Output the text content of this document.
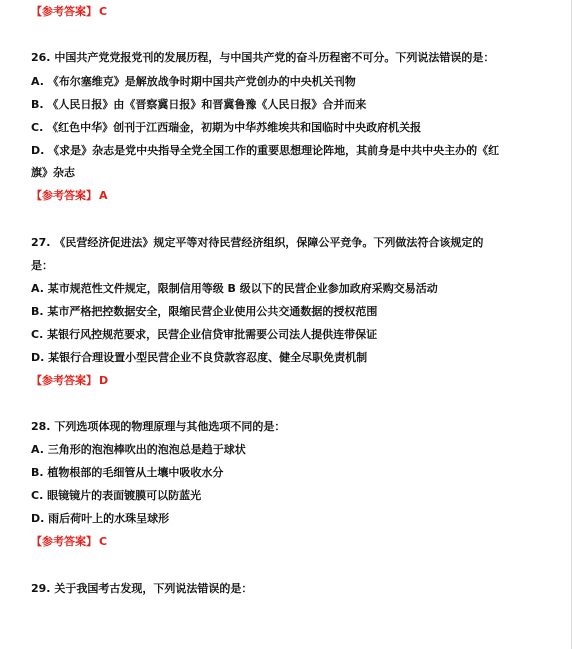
【参考答案】 C
26. 中国共产党党报党刊的发展历程，与中国共产党的奋斗历程密不可分。下列说法错误的是：
A. 《布尔塞维克》是解放战争时期中国共产党创办的中央机关刊物
B. 《人民日报》由《晋察冀日报》和晋冀鲁豫《人民日报》合并而来
C. 《红色中华》创刊于江西瑞金，初期为中华苏维埃共和国临时中央政府机关报
D. 《求是》杂志是党中央指导全党全国工作的重要思想理论阵地，其前身是中共中央主办的《红
旗》杂志
【参考答案】 A
27. 《民营经济促进法》规定平等对待民营经济组织，保障公平竞争。下列做法符合该规定的
是：
A. 某市规范性文件规定，限制信用等级 B 级以下的民营企业参加政府采购交易活动
B. 某市严格把控数据安全，限缩民营企业使用公共交通数据的授权范围
C. 某银行风控规范要求，民营企业信贷审批需要公司法人提供连带保证
D. 某银行合理设置小型民营企业不良贷款容忍度、健全尽职免责机制
【参考答案】 D
28. 下列选项体现的物理原理与其他选项不同的是：
A. 三角形的泡泡棒吹出的泡泡总是趋于球状
B. 植物根部的毛细管从土壤中吸收水分
C. 眼镜镜片的表面镀膜可以防蓝光
D. 雨后荷叶上的水珠呈球形
【参考答案】 C
29. 关于我国考古发现，下列说法错误的是：
